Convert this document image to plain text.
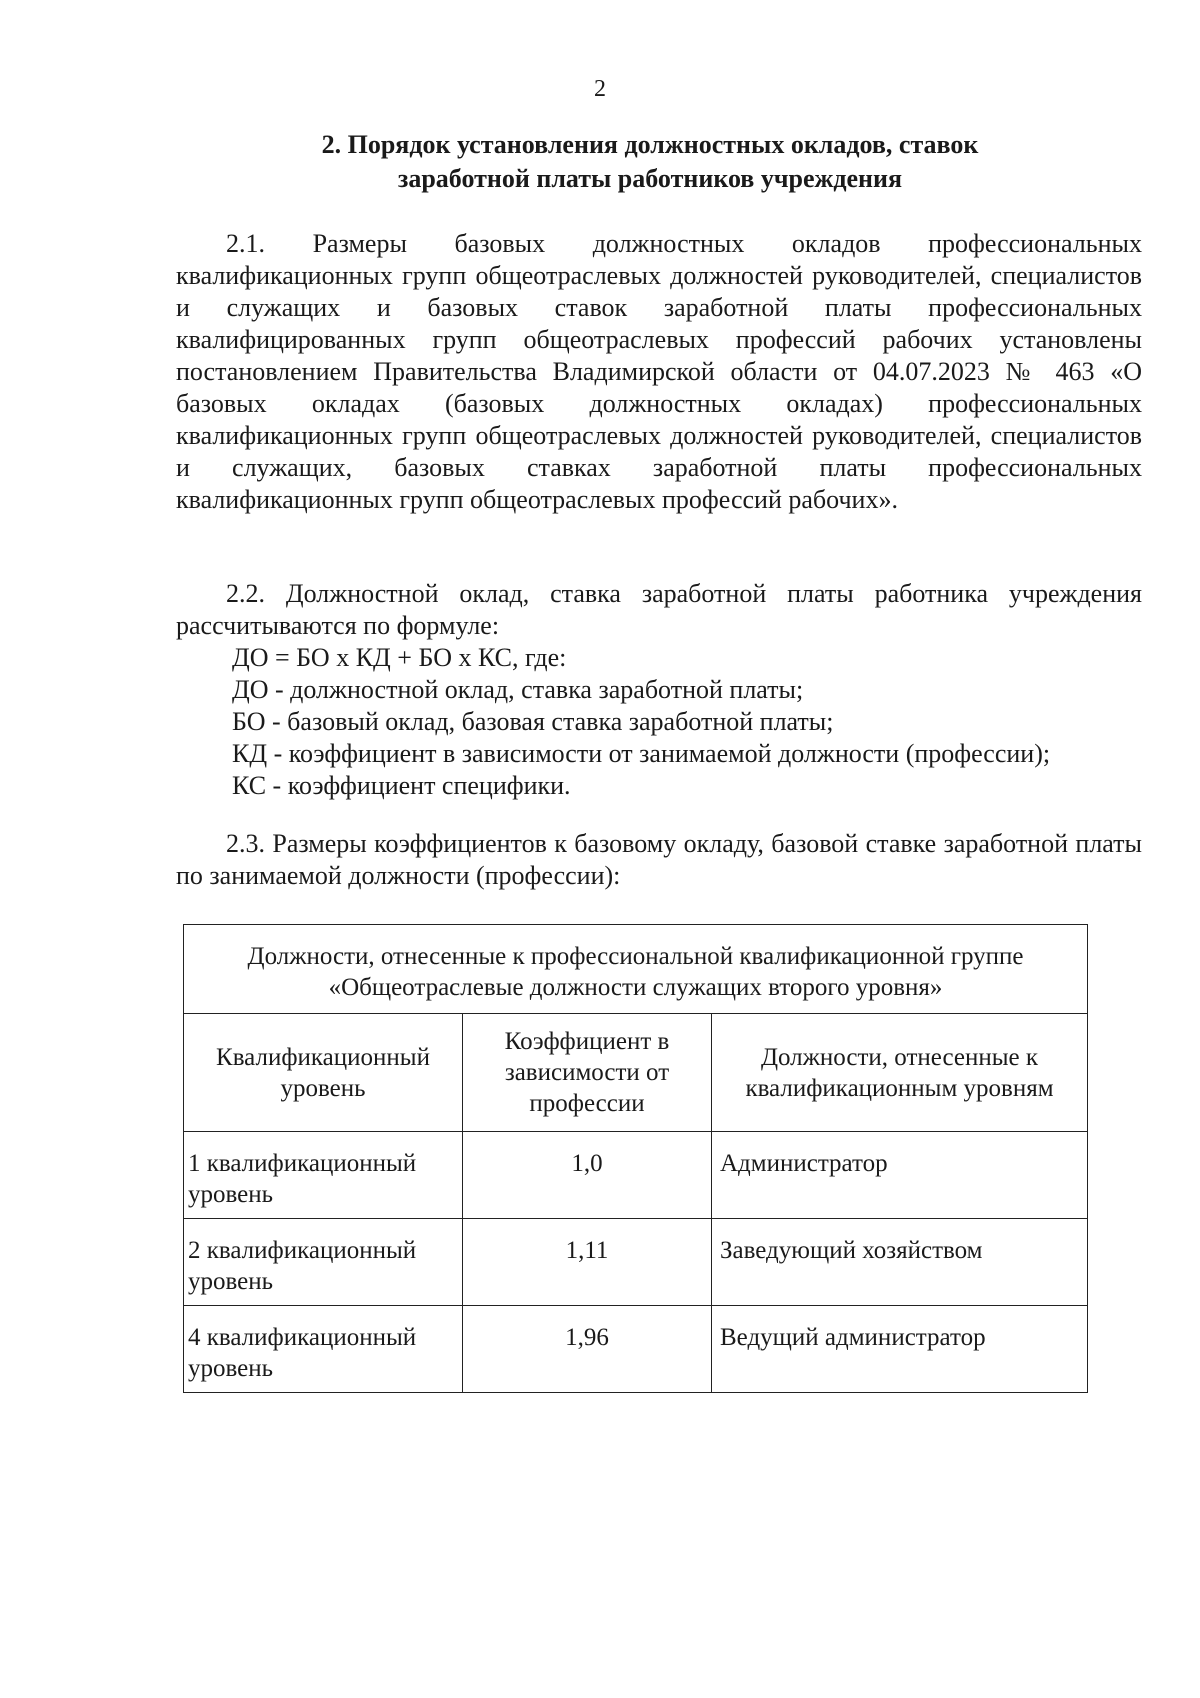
2
2. Порядок установления должностных окладов, ставок
заработной платы работников учреждения

2.1. Размеры базовых должностных окладов профессиональных квалификационных групп общеотраслевых должностей руководителей, специалистов и служащих и базовых ставок заработной платы профессиональных квалифицированных групп общеотраслевых профессий рабочих установлены постановлением Правительства Владимирской области от 04.07.2023 № 463 «О базовых окладах (базовых должностных окладах) профессиональных квалификационных групп общеотраслевых должностей руководителей, специалистов и служащих, базовых ставках заработной платы профессиональных квалификационных групп общеотраслевых профессий рабочих».

2.2. Должностной оклад, ставка заработной платы работника учреждения рассчитываются по формуле:

ДО = БО х КД + БО х КС, где:
ДО - должностной оклад, ставка заработной платы;
БО - базовый оклад, базовая ставка заработной платы;
КД - коэффициент в зависимости от занимаемой должности (профессии);
КС - коэффициент специфики.

2.3. Размеры коэффициентов к базовому окладу, базовой ставке заработной платы по занимаемой должности (профессии):

Должности, отнесенные к профессиональной квалификационной группе
«Общеотраслевые должности служащих второго уровня»		

Квалификационный уровень	Коэффициент в зависимости от профессии	Должности, отнесенные к квалификационным уровням
1 квалификационный уровень	1,0	Администратор
2 квалификационный уровень	1,11	Заведующий хозяйством
4 квалификационный уровень	1,96	Ведущий администратор
